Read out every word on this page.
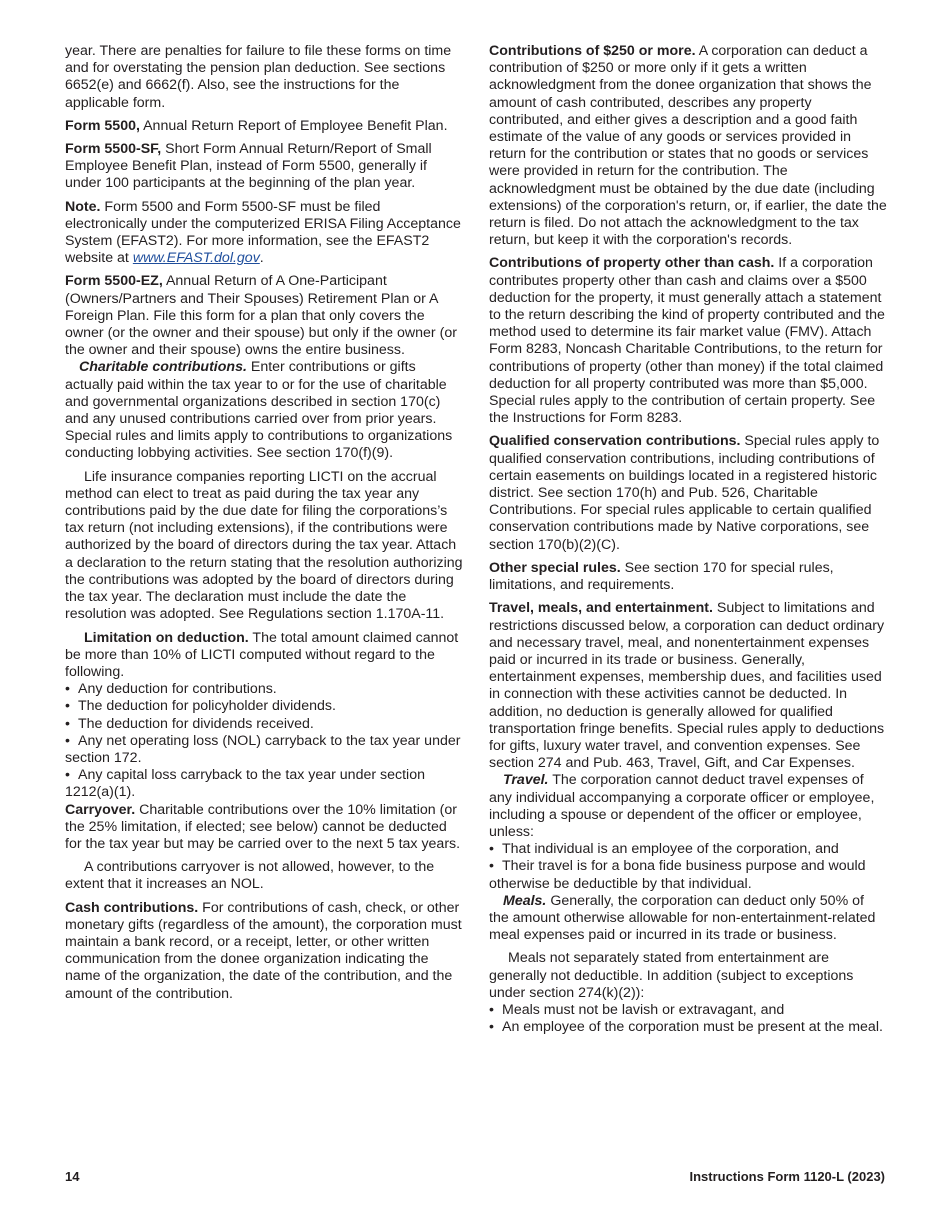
year. There are penalties for failure to file these forms on time and for overstating the pension plan deduction. See sections 6652(e) and 6662(f). Also, see the instructions for the applicable form.

Form 5500, Annual Return Report of Employee Benefit Plan.

Form 5500-SF, Short Form Annual Return/Report of Small Employee Benefit Plan, instead of Form 5500, generally if under 100 participants at the beginning of the plan year.

Note. Form 5500 and Form 5500-SF must be filed electronically under the computerized ERISA Filing Acceptance System (EFAST2). For more information, see the EFAST2 website at www.EFAST.dol.gov.

Form 5500-EZ, Annual Return of A One-Participant (Owners/Partners and Their Spouses) Retirement Plan or A Foreign Plan. File this form for a plan that only covers the owner (or the owner and their spouse) but only if the owner (or the owner and their spouse) owns the entire business.

Charitable contributions. Enter contributions or gifts actually paid within the tax year to or for the use of charitable and governmental organizations described in section 170(c) and any unused contributions carried over from prior years. Special rules and limits apply to contributions to organizations conducting lobbying activities. See section 170(f)(9).

Life insurance companies reporting LICTI on the accrual method can elect to treat as paid during the tax year any contributions paid by the due date for filing the corporations’s tax return (not including extensions), if the contributions were authorized by the board of directors during the tax year. Attach a declaration to the return stating that the resolution authorizing the contributions was adopted by the board of directors during the tax year. The declaration must include the date the resolution was adopted. See Regulations section 1.170A-11.

Limitation on deduction. The total amount claimed cannot be more than 10% of LICTI computed without regard to the following.

• Any deduction for contributions.
• The deduction for policyholder dividends.
• The deduction for dividends received.
• Any net operating loss (NOL) carryback to the tax year under section 172.
• Any capital loss carryback to the tax year under section 1212(a)(1).

Carryover. Charitable contributions over the 10% limitation (or the 25% limitation, if elected; see below) cannot be deducted for the tax year but may be carried over to the next 5 tax years.

A contributions carryover is not allowed, however, to the extent that it increases an NOL.

Cash contributions. For contributions of cash, check, or other monetary gifts (regardless of the amount), the corporation must maintain a bank record, or a receipt, letter, or other written communication from the donee organization indicating the name of the organization, the date of the contribution, and the amount of the contribution.

Contributions of $250 or more. A corporation can deduct a contribution of $250 or more only if it gets a written acknowledgment from the donee organization that shows the amount of cash contributed, describes any property contributed, and either gives a description and a good faith estimate of the value of any goods or services provided in return for the contribution or states that no goods or services were provided in return for the contribution. The acknowledgment must be obtained by the due date (including extensions) of the corporation's return, or, if earlier, the date the return is filed. Do not attach the acknowledgment to the tax return, but keep it with the corporation's records.

Contributions of property other than cash. If a corporation contributes property other than cash and claims over a $500 deduction for the property, it must generally attach a statement to the return describing the kind of property contributed and the method used to determine its fair market value (FMV). Attach Form 8283, Noncash Charitable Contributions, to the return for contributions of property (other than money) if the total claimed deduction for all property contributed was more than $5,000. Special rules apply to the contribution of certain property. See the Instructions for Form 8283.

Qualified conservation contributions. Special rules apply to qualified conservation contributions, including contributions of certain easements on buildings located in a registered historic district. See section 170(h) and Pub. 526, Charitable Contributions. For special rules applicable to certain qualified conservation contributions made by Native corporations, see section 170(b)(2)(C).

Other special rules. See section 170 for special rules, limitations, and requirements.

Travel, meals, and entertainment. Subject to limitations and restrictions discussed below, a corporation can deduct ordinary and necessary travel, meal, and nonentertainment expenses paid or incurred in its trade or business. Generally, entertainment expenses, membership dues, and facilities used in connection with these activities cannot be deducted. In addition, no deduction is generally allowed for qualified transportation fringe benefits. Special rules apply to deductions for gifts, luxury water travel, and convention expenses. See section 274 and Pub. 463, Travel, Gift, and Car Expenses.

Travel. The corporation cannot deduct travel expenses of any individual accompanying a corporate officer or employee, including a spouse or dependent of the officer or employee, unless:

• That individual is an employee of the corporation, and
• Their travel is for a bona fide business purpose and would otherwise be deductible by that individual.

Meals. Generally, the corporation can deduct only 50% of the amount otherwise allowable for non-entertainment-related meal expenses paid or incurred in its trade or business.

Meals not separately stated from entertainment are generally not deductible. In addition (subject to exceptions under section 274(k)(2)):

• Meals must not be lavish or extravagant, and
• An employee of the corporation must be present at the meal.
14	Instructions Form 1120-L (2023)
